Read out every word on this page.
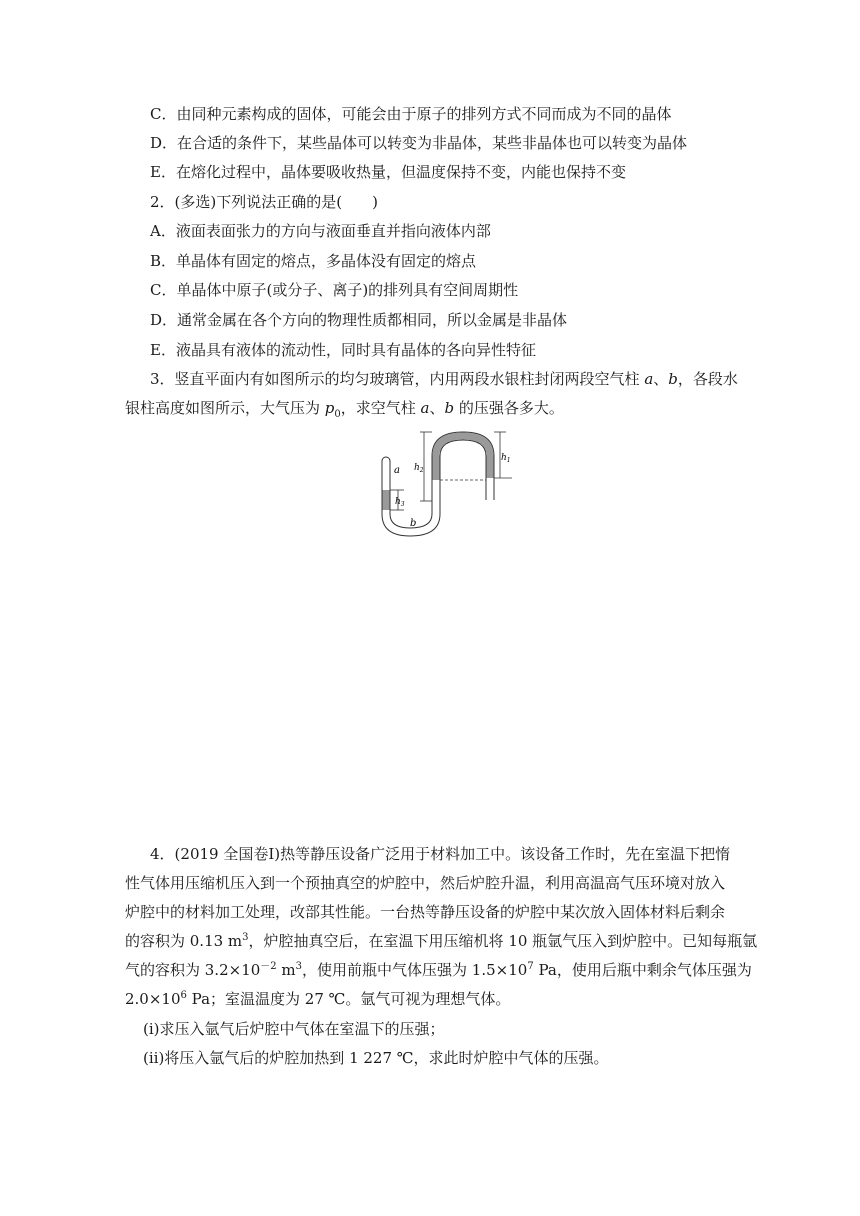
C．由同种元素构成的固体，可能会由于原子的排列方式不同而成为不同的晶体
D．在合适的条件下，某些晶体可以转变为非晶体，某些非晶体也可以转变为晶体
E．在熔化过程中，晶体要吸收热量，但温度保持不变，内能也保持不变
2．(多选)下列说法正确的是(　　)
A．液面表面张力的方向与液面垂直并指向液体内部
B．单晶体有固定的熔点，多晶体没有固定的熔点
C．单晶体中原子(或分子、离子)的排列具有空间周期性
D．通常金属在各个方向的物理性质都相同，所以金属是非晶体
E．液晶具有液体的流动性，同时具有晶体的各向异性特征
3．竖直平面内有如图所示的均匀玻璃管，内用两段水银柱封闭两段空气柱 a、b，各段水
银柱高度如图所示，大气压为 $p_0$，求空气柱 a、b 的压强各多大。
a
b
$h_2$
$h_1$
$h_3$
4．(2019 全国卷Ⅰ)热等静压设备广泛用于材料加工中。该设备工作时，先在室温下把惰
性气体用压缩机压入到一个预抽真空的炉腔中，然后炉腔升温，利用高温高气压环境对放入
炉腔中的材料加工处理，改部其性能。一台热等静压设备的炉腔中某次放入固体材料后剩余
的容积为 0.13 $m^3$，炉腔抽真空后，在室温下用压缩机将 10 瓶氩气压入到炉腔中。已知每瓶氩
气的容积为 $3.2\times 10^{-2}$ $m^3$，使用前瓶中气体压强为 $1.5\times 10^7$ Pa，使用后瓶中剩余气体压强为
$2.0\times 10^6$ Pa；室温温度为 27 ℃。氩气可视为理想气体。
(ⅰ)求压入氩气后炉腔中气体在室温下的压强；
(ⅱ)将压入氩气后的炉腔加热到 1 227 ℃，求此时炉腔中气体的压强。
